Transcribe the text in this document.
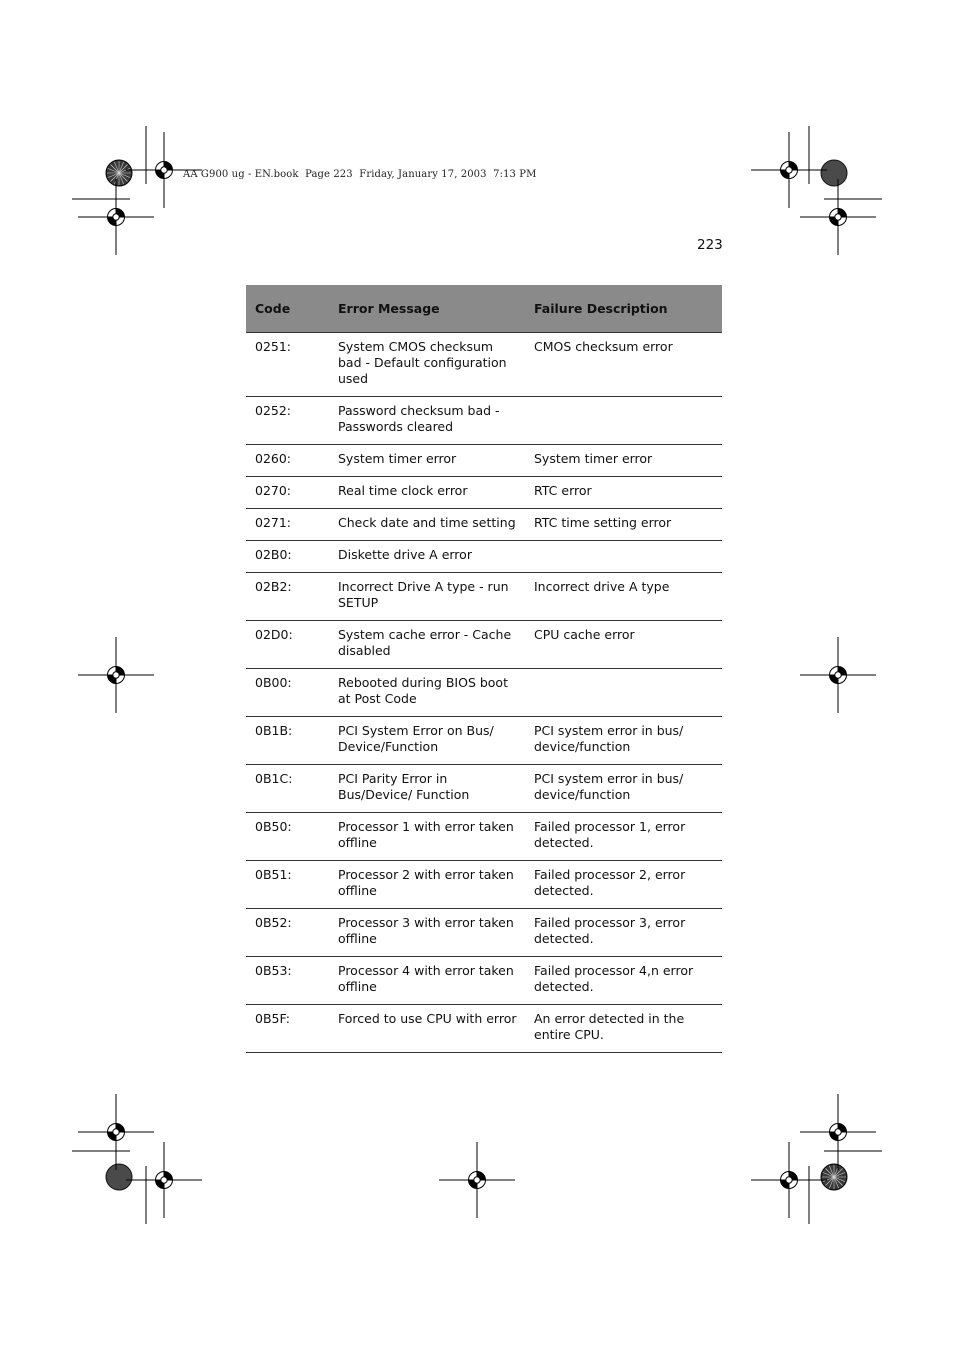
AA G900 ug - EN.book  Page 223  Friday, January 17, 2003  7:13 PM
223
Code	Error Message	Failure Description
0251:	System CMOS checksum bad - Default configuration used	CMOS checksum error
0252:	Password checksum bad - Passwords cleared	
0260:	System timer error	System timer error
0270:	Real time clock error	RTC error
0271:	Check date and time setting	RTC time setting error
02B0:	Diskette drive A error	
02B2:	Incorrect Drive A type - run SETUP	Incorrect drive A type
02D0:	System cache error - Cache disabled	CPU cache error
0B00:	Rebooted during BIOS boot at Post Code	
0B1B:	PCI System Error on Bus/ Device/Function	PCI system error in bus/ device/function
0B1C:	PCI Parity Error in Bus/Device/ Function	PCI system error in bus/ device/function
0B50:	Processor 1 with error taken offline	Failed processor 1, error detected.
0B51:	Processor 2 with error taken offline	Failed processor 2, error detected.
0B52:	Processor 3 with error taken offline	Failed processor 3, error detected.
0B53:	Processor 4 with error taken offline	Failed processor 4,n error detected.
0B5F:	Forced to use CPU with error	An error detected in the entire CPU.
